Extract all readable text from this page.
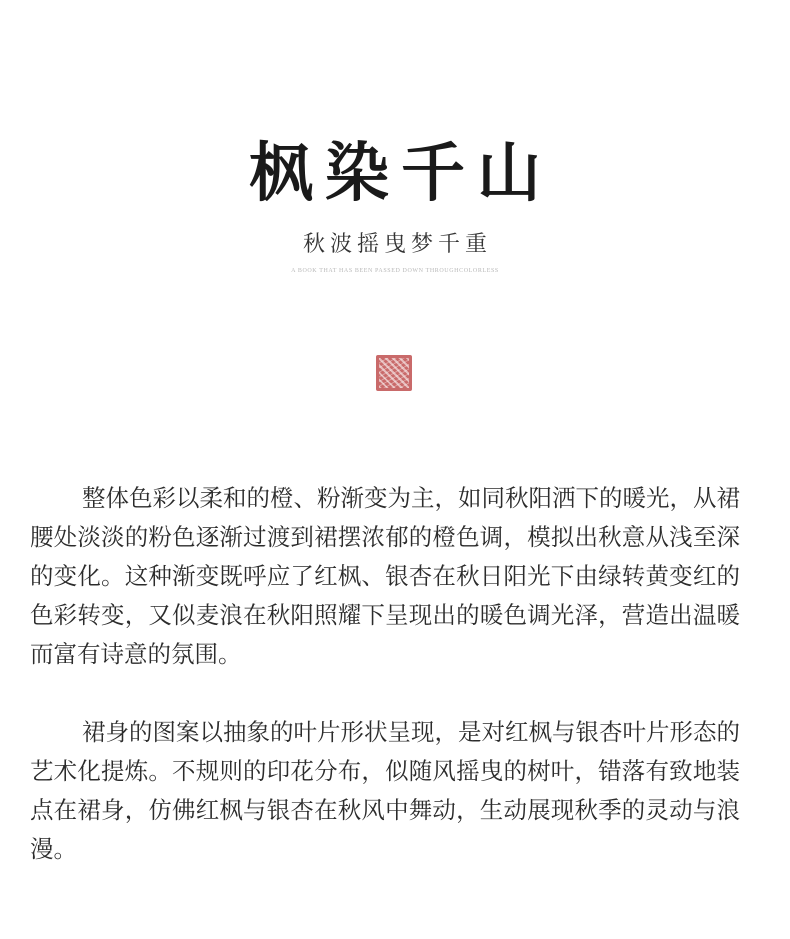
枫染千山
秋波摇曳梦千重
A BOOK THAT HAS BEEN PASSED DOWN THROUGHCOLORLESS

整体色彩以柔和的橙、粉渐变为主，如同秋阳洒下的暖光，从裙腰处淡淡的粉色逐渐过渡到裙摆浓郁的橙色调，模拟出秋意从浅至深的变化。这种渐变既呼应了红枫、银杏在秋日阳光下由绿转黄变红的色彩转变，又似麦浪在秋阳照耀下呈现出的暖色调光泽，营造出温暖而富有诗意的氛围。

裙身的图案以抽象的叶片形状呈现，是对红枫与银杏叶片形态的艺术化提炼。不规则的印花分布，似随风摇曳的树叶，错落有致地装点在裙身，仿佛红枫与银杏在秋风中舞动，生动展现秋季的灵动与浪漫。
